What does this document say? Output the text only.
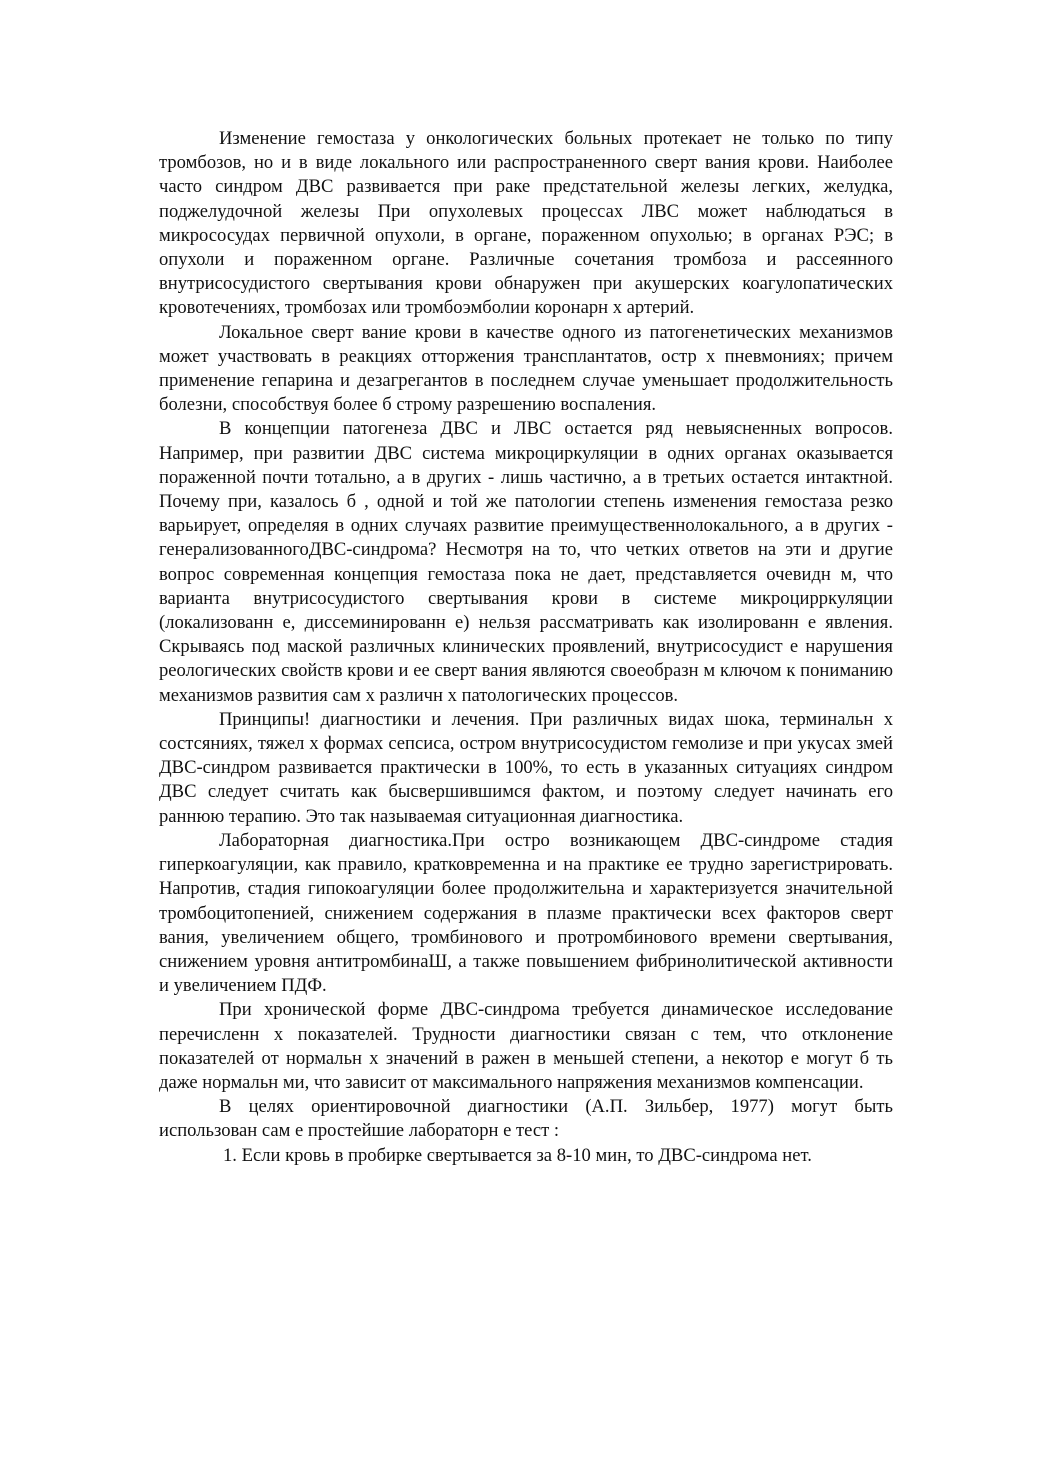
Изменение гемостаза у онкологических больных протекает не только по типу тромбозов, но и в виде локального или распространенного сверт вания крови. Наиболее часто синдром ДВС развивается при раке предстательной железы легких, желудка, поджелудочной железы При опухолевых процессах ЛВС может наблюдаться в микрососудах первичной опухоли, в органе, пораженном опухолью; в органах РЭС; в опухоли и пораженном органе. Различные сочетания тромбоза и рассеянного внутрисосудистого свертывания крови обнаружен при акушерских коагулопатических кровотечениях, тромбозах или тромбоэмболии коронарн х артерий.

Локальное сверт вание крови в качестве одного из патогенетических механизмов может участвовать в реакциях отторжения трансплантатов, остр х пневмониях; причем применение гепарина и дезагрегантов в последнем случае уменьшает продолжительность болезни, способствуя более б строму разрешению воспаления.

В концепции патогенеза ДВС и ЛВС остается ряд невыясненных вопросов. Например, при развитии ДВС система микроциркуляции в одних органах оказывается пораженной почти тотально, а в других - лишь частично, а в третьих остается интактной. Почему при, казалось б , одной и той же патологии степень изменения гемостаза резко варьирует, определяя в одних случаях развитие преимущественнолокального, а в других - генерализованногоДВС-синдрома? Несмотря на то, что четких ответов на эти и другие вопрос современная концепция гемостаза пока не дает, представляется очевидн м, что варианта внутрисосудистого свертывания крови в системе микроцирркуляции (локализованн е, диссеминированн е) нельзя рассматривать как изолированн е явления. Скрываясь под маской различных клинических проявлений, внутрисосудист е нарушения реологических свойств крови и ее сверт вания являются своеобразн м ключом к пониманию механизмов развития сам х различн х патологических процессов.

Принципы! диагностики и лечения. При различных видах шока, терминальн х состсяниях, тяжел х формах сепсиса, остром внутрисосудистом гемолизе и при укусах змей ДВС-синдром развивается практически в 100%, то есть в указанных ситуациях синдром ДВС следует считать как бысвершившимся фактом, и поэтому следует начинать его раннюю терапию. Это так называемая ситуационная диагностика.

Лабораторная диагностика.При остро возникающем ДВС-синдроме стадия гиперкоагуляции, как правило, кратковременна и на практике ее трудно зарегистрировать. Напротив, стадия гипокоагуляции более продолжительна и характеризуется значительной тромбоцитопенией, снижением содержания в плазме практически всех факторов сверт вания, увеличением общего, тромбинового и протромбинового времени свертывания, снижением уровня антитромбинаШ, а также повышением фибринолитической активности и увеличением ПДФ.

При хронической форме ДВС-синдрома требуется динамическое исследование перечисленн х показателей. Трудности диагностики связан с тем, что отклонение показателей от нормальн х значений в ражен в меньшей степени, а некотор е могут б ть даже нормальн ми, что зависит от максимального напряжения механизмов компенсации.

В целях ориентировочной диагностики (А.П. Зильбер, 1977) могут быть использован сам е простейшие лабораторн е тест :

1. Если кровь в пробирке свертывается за 8-10 мин, то ДВС-синдрома нет.
